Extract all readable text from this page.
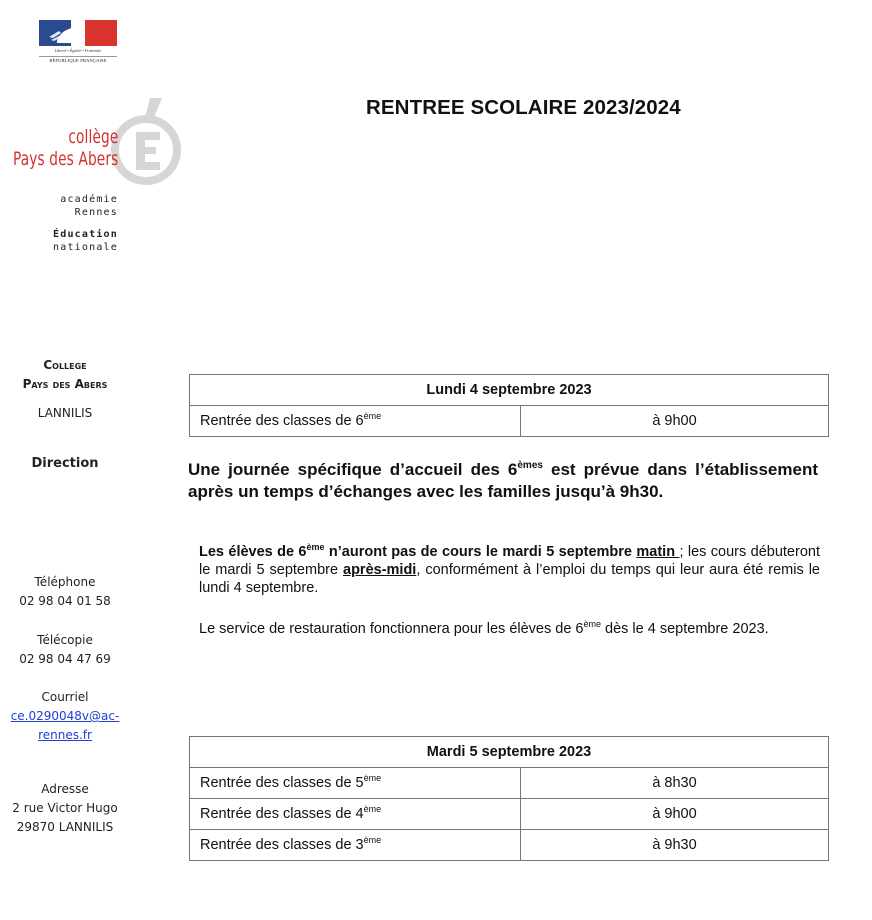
Liberté • Égalité • Fraternité
RÉPUBLIQUE FRANÇAISE
collège
Pays des Abers
académie
Rennes
Éducation
nationale
RENTREE SCOLAIRE 2023/2024
College
Pays des Abers
LANNILIS
Direction
Téléphone
02 98 04 01 58
Télécopie
02 98 04 47 69
Courriel
ce.0290048v@ac-
rennes.fr
Adresse
2 rue Victor Hugo
29870 LANNILIS
Lundi 4 septembre 2023
Rentrée des classes de 6ème	à 9h00
Une journée spécifique d’accueil des 6èmes est prévue dans l’établissement après un temps d’échanges avec les familles jusqu’à 9h30.
Les élèves de 6ème n’auront pas de cours le mardi 5 septembre matin ; les cours débuteront le mardi 5 septembre après-midi, conformément à l’emploi du temps qui leur aura été remis le lundi 4 septembre.
Le service de restauration fonctionnera pour les élèves de 6ème dès le 4 septembre 2023.
Mardi 5 septembre 2023	
Rentrée des classes de 5ème	à 8h30
Rentrée des classes de 4ème	à 9h00
Rentrée des classes de 3ème	à 9h30
